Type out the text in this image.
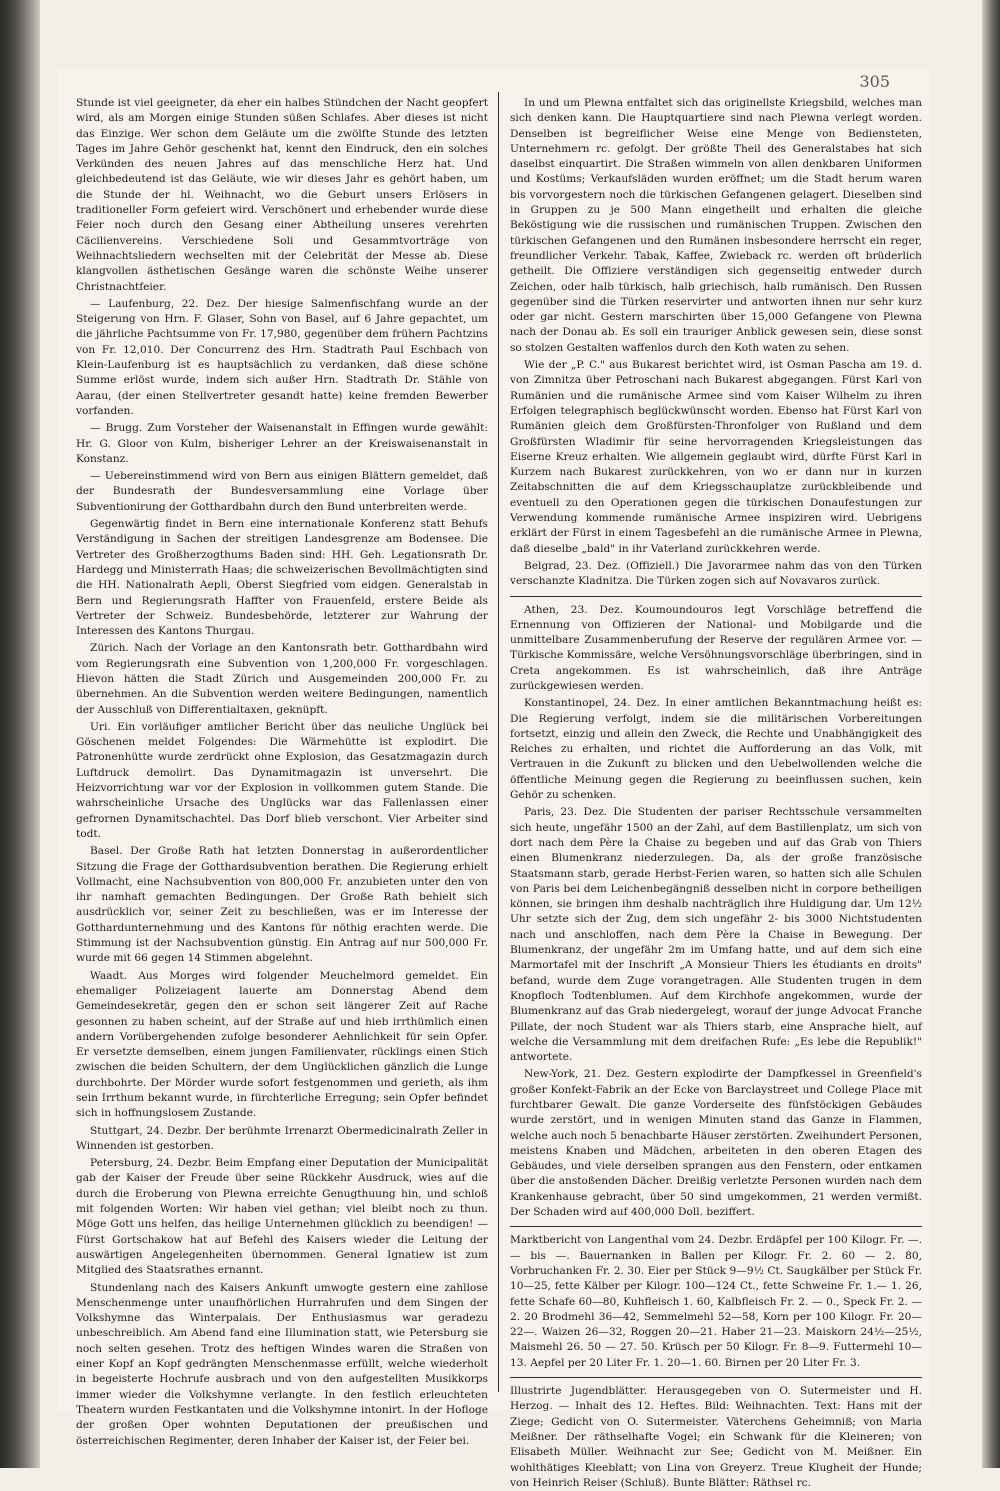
305

Stunde ist viel geeigneter, da eher ein halbes Stündchen der Nacht geopfert wird, als am Morgen einige Stunden süßen Schlafes. Aber dieses ist nicht das Einzige. Wer schon dem Geläute um die zwölfte Stunde des letzten Tages im Jahre Gehör geschenkt hat, kennt den Eindruck, den ein solches Verkünden des neuen Jahres auf das menschliche Herz hat. Und gleichbedeutend ist das Geläute, wie wir dieses Jahr es gehört haben, um die Stunde der hl. Weihnacht, wo die Geburt unsers Erlösers in traditioneller Form gefeiert wird. Verschönert und erhebender wurde diese Feier noch durch den Gesang einer Abtheilung unseres verehrten Cäcilienvereins. Verschiedene Soli und Gesammtvorträge von Weihnachtsliedern wechselten mit der Celebrität der Messe ab. Diese klangvollen ästhetischen Gesänge waren die schönste Weihe unserer Christnachtfeier.

— Laufenburg, 22. Dez. Der hiesige Salmenfischfang wurde an der Steigerung von Hrn. F. Glaser, Sohn von Basel, auf 6 Jahre gepachtet, um die jährliche Pachtsumme von Fr. 17,980, gegenüber dem frühern Pachtzins von Fr. 12,010. Der Concurrenz des Hrn. Stadtrath Paul Eschbach von Klein-Laufenburg ist es hauptsächlich zu verdanken, daß diese schöne Summe erlöst wurde, indem sich außer Hrn. Stadtrath Dr. Stähle von Aarau, (der einen Stellvertreter gesandt hatte) keine fremden Bewerber vorfanden.

— Brugg. Zum Vorsteher der Waisenanstalt in Effingen wurde gewählt: Hr. G. Gloor von Kulm, bisheriger Lehrer an der Kreiswaisenanstalt in Konstanz.

— Uebereinstimmend wird von Bern aus einigen Blättern gemeldet, daß der Bundesrath der Bundesversammlung eine Vorlage über Subventionirung der Gotthardbahn durch den Bund unterbreiten werde.

Gegenwärtig findet in Bern eine internationale Konferenz statt Behufs Verständigung in Sachen der streitigen Landesgrenze am Bodensee. Die Vertreter des Großherzogthums Baden sind: HH. Geh. Legationsrath Dr. Hardegg und Ministerrath Haas; die schweizerischen Bevollmächtigten sind die HH. Nationalrath Aepli, Oberst Siegfried vom eidgen. Generalstab in Bern und Regierungsrath Haffter von Frauenfeld, erstere Beide als Vertreter der Schweiz. Bundesbehörde, letzterer zur Wahrung der Interessen des Kantons Thurgau.

Zürich. Nach der Vorlage an den Kantonsrath betr. Gotthardbahn wird vom Regierungsrath eine Subvention von 1,200,000 Fr. vorgeschlagen. Hievon hätten die Stadt Zürich und Ausgemeinden 200,000 Fr. zu übernehmen. An die Subvention werden weitere Bedingungen, namentlich der Ausschluß von Differentialtaxen, geknüpft.

Uri. Ein vorläufiger amtlicher Bericht über das neuliche Unglück bei Göschenen meldet Folgendes: Die Wärmehütte ist explodirt. Die Patronenhütte wurde zerdrückt ohne Explosion, das Gesatzmagazin durch Luftdruck demolirt. Das Dynamitmagazin ist unversehrt. Die Heizvorrichtung war vor der Explosion in vollkommen gutem Stande. Die wahrscheinliche Ursache des Unglücks war das Fallenlassen einer gefrornen Dynamitschachtel. Das Dorf blieb verschont. Vier Arbeiter sind todt.

Basel. Der Große Rath hat letzten Donnerstag in außerordentlicher Sitzung die Frage der Gotthardsubvention berathen. Die Regierung erhielt Vollmacht, eine Nachsubvention von 800,000 Fr. anzubieten unter den von ihr namhaft gemachten Bedingungen. Der Große Rath behielt sich ausdrücklich vor, seiner Zeit zu beschließen, was er im Interesse der Gotthardunternehmung und des Kantons für nöthig erachten werde. Die Stimmung ist der Nachsubvention günstig. Ein Antrag auf nur 500,000 Fr. wurde mit 66 gegen 14 Stimmen abgelehnt.

Waadt. Aus Morges wird folgender Meuchelmord gemeldet. Ein ehemaliger Polizeiagent lauerte am Donnerstag Abend dem Gemeindesekretär, gegen den er schon seit längerer Zeit auf Rache gesonnen zu haben scheint, auf der Straße auf und hieb irrthümlich einen andern Vorübergehenden zufolge besonderer Aehnlichkeit für sein Opfer. Er versetzte demselben, einem jungen Familienvater, rücklings einen Stich zwischen die beiden Schultern, der dem Unglücklichen gänzlich die Lunge durchbohrte. Der Mörder wurde sofort festgenommen und gerieth, als ihm sein Irrthum bekannt wurde, in fürchterliche Erregung; sein Opfer befindet sich in hoffnungslosem Zustande.

Stuttgart, 24. Dezbr. Der berühmte Irrenarzt Obermedicinalrath Zeller in Winnenden ist gestorben.

Petersburg, 24. Dezbr. Beim Empfang einer Deputation der Municipalität gab der Kaiser der Freude über seine Rückkehr Ausdruck, wies auf die durch die Eroberung von Plewna erreichte Genugthuung hin, und schloß mit folgenden Worten: Wir haben viel gethan; viel bleibt noch zu thun. Möge Gott uns helfen, das heilige Unternehmen glücklich zu beendigen! — Fürst Gortschakow hat auf Befehl des Kaisers wieder die Leitung der auswärtigen Angelegenheiten übernommen. General Ignatiew ist zum Mitglied des Staatsrathes ernannt.

Stundenlang nach des Kaisers Ankunft umwogte gestern eine zahllose Menschenmenge unter unaufhörlichen Hurrahrufen und dem Singen der Volkshymne das Winterpalais. Der Enthusiasmus war geradezu unbeschreiblich. Am Abend fand eine Illumination statt, wie Petersburg sie noch selten gesehen. Trotz des heftigen Windes waren die Straßen von einer Kopf an Kopf gedrängten Menschenmasse erfüllt, welche wiederholt in begeisterte Hochrufe ausbrach und von den aufgestellten Musikkorps immer wieder die Volkshymne verlangte. In den festlich erleuchteten Theatern wurden Festkantaten und die Volkshymne intonirt. In der Hofloge der großen Oper wohnten Deputationen der preußischen und österreichischen Regimenter, deren Inhaber der Kaiser ist, der Feier bei.

In und um Plewna entfaltet sich das originellste Kriegsbild, welches man sich denken kann. Die Hauptquartiere sind nach Plewna verlegt worden. Denselben ist begreiflicher Weise eine Menge von Bediensteten, Unternehmern rc. gefolgt. Der größte Theil des Generalstabes hat sich daselbst einquartirt. Die Straßen wimmeln von allen denkbaren Uniformen und Kostüms; Verkaufsläden wurden eröffnet; um die Stadt herum waren bis vorvorgestern noch die türkischen Gefangenen gelagert. Dieselben sind in Gruppen zu je 500 Mann eingetheilt und erhalten die gleiche Beköstigung wie die russischen und rumänischen Truppen. Zwischen den türkischen Gefangenen und den Rumänen insbesondere herrscht ein reger, freundlicher Verkehr. Tabak, Kaffee, Zwieback rc. werden oft brüderlich getheilt. Die Offiziere verständigen sich gegenseitig entweder durch Zeichen, oder halb türkisch, halb griechisch, halb rumänisch. Den Russen gegenüber sind die Türken reservirter und antworten ihnen nur sehr kurz oder gar nicht. Gestern marschirten über 15,000 Gefangene von Plewna nach der Donau ab. Es soll ein trauriger Anblick gewesen sein, diese sonst so stolzen Gestalten waffenlos durch den Koth waten zu sehen.

Wie der „P. C." aus Bukarest berichtet wird, ist Osman Pascha am 19. d. von Zimnitza über Petroschani nach Bukarest abgegangen. Fürst Karl von Rumänien und die rumänische Armee sind vom Kaiser Wilhelm zu ihren Erfolgen telegraphisch beglückwünscht worden. Ebenso hat Fürst Karl von Rumänien gleich dem Großfürsten-Thronfolger von Rußland und dem Großfürsten Wladimir für seine hervorragenden Kriegsleistungen das Eiserne Kreuz erhalten. Wie allgemein geglaubt wird, dürfte Fürst Karl in Kurzem nach Bukarest zurückkehren, von wo er dann nur in kurzen Zeitabschnitten die auf dem Kriegsschauplatze zurückbleibende und eventuell zu den Operationen gegen die türkischen Donaufestungen zur Verwendung kommende rumänische Armee inspiziren wird. Uebrigens erklärt der Fürst in einem Tagesbefehl an die rumänische Armee in Plewna, daß dieselbe „bald" in ihr Vaterland zurückkehren werde.

Belgrad, 23. Dez. (Offiziell.) Die Javorarmee nahm das von den Türken verschanzte Kladnitza. Die Türken zogen sich auf Novavaros zurück.

Athen, 23. Dez. Koumoundouros legt Vorschläge betreffend die Ernennung von Offizieren der National- und Mobilgarde und die unmittelbare Zusammenberufung der Reserve der regulären Armee vor. — Türkische Kommissäre, welche Versöhnungsvorschläge überbringen, sind in Creta angekommen. Es ist wahrscheinlich, daß ihre Anträge zurückgewiesen werden.

Konstantinopel, 24. Dez. In einer amtlichen Bekanntmachung heißt es: Die Regierung verfolgt, indem sie die militärischen Vorbereitungen fortsetzt, einzig und allein den Zweck, die Rechte und Unabhängigkeit des Reiches zu erhalten, und richtet die Aufforderung an das Volk, mit Vertrauen in die Zukunft zu blicken und den Uebelwollenden welche die öffentliche Meinung gegen die Regierung zu beeinflussen suchen, kein Gehör zu schenken.

Paris, 23. Dez. Die Studenten der pariser Rechtsschule versammelten sich heute, ungefähr 1500 an der Zahl, auf dem Bastillenplatz, um sich von dort nach dem Père la Chaise zu begeben und auf das Grab von Thiers einen Blumenkranz niederzulegen. Da, als der große französische Staatsmann starb, gerade Herbst-Ferien waren, so hatten sich alle Schulen von Paris bei dem Leichenbegängniß desselben nicht in corpore betheiligen können, sie bringen ihm deshalb nachträglich ihre Huldigung dar. Um 12½ Uhr setzte sich der Zug, dem sich ungefähr 2- bis 3000 Nichtstudenten nach und anschloffen, nach dem Père la Chaise in Bewegung. Der Blumenkranz, der ungefähr 2m im Umfang hatte, und auf dem sich eine Marmortafel mit der Inschrift „A Monsieur Thiers les étudiants en droits" befand, wurde dem Zuge vorangetragen. Alle Studenten trugen in dem Knopfloch Todtenblumen. Auf dem Kirchhofe angekommen, wurde der Blumenkranz auf das Grab niedergelegt, worauf der junge Advocat Franche Pillate, der noch Student war als Thiers starb, eine Ansprache hielt, auf welche die Versammlung mit dem dreifachen Rufe: „Es lebe die Republik!" antwortete.

New-York, 21. Dez. Gestern explodirte der Dampfkessel in Greenfield's großer Konfekt-Fabrik an der Ecke von Barclaystreet und College Place mit furchtbarer Gewalt. Die ganze Vorderseite des fünfstöckigen Gebäudes wurde zerstört, und in wenigen Minuten stand das Ganze in Flammen, welche auch noch 5 benachbarte Häuser zerstörten. Zweihundert Personen, meistens Knaben und Mädchen, arbeiteten in den oberen Etagen des Gebäudes, und viele derselben sprangen aus den Fenstern, oder entkamen über die anstoßenden Dächer. Dreißig verletzte Personen wurden nach dem Krankenhause gebracht, über 50 sind umgekommen, 21 werden vermißt. Der Schaden wird auf 400,000 Doll. beziffert.

Marktbericht von Langenthal vom 24. Dezbr. Erdäpfel per 100 Kilogr. Fr. —. — bis —. Bauernanken in Ballen per Kilogr. Fr. 2. 60 — 2. 80, Vorbruchanken Fr. 2. 30. Eier per Stück 9—9½ Ct. Saugkälber per Stück Fr. 10—25, fette Kälber per Kilogr. 100—124 Ct., fette Schweine Fr. 1.— 1. 26, fette Schafe 60—80, Kuhfleisch 1. 60, Kalbfleisch Fr. 2. — 0., Speck Fr. 2. — 2. 20 Brodmehl 36—42, Semmelmehl 52—58, Korn per 100 Kilogr. Fr. 20—22—. Waizen 26—32, Roggen 20—21. Haber 21—23. Maiskorn 24½—25½, Maismehl 26. 50 — 27. 50. Krüsch per 50 Kilogr. Fr. 8—9. Futtermehl 10—13. Aepfel per 20 Liter Fr. 1. 20—1. 60. Birnen per 20 Liter Fr. 3.

Illustrirte Jugendblätter. Herausgegeben von O. Sutermeister und H. Herzog. — Inhalt des 12. Heftes. Bild: Weihnachten. Text: Hans mit der Ziege; Gedicht von O. Sutermeister. Väterchens Geheimniß; von Maria Meißner. Der räthselhafte Vogel; ein Schwank für die Kleineren; von Elisabeth Müller. Weihnacht zur See; Gedicht von M. Meißner. Ein wohlthätiges Kleeblatt; von Lina von Greyerz. Treue Klugheit der Hunde; von Heinrich Reiser (Schluß). Bunte Blätter: Räthsel rc.
